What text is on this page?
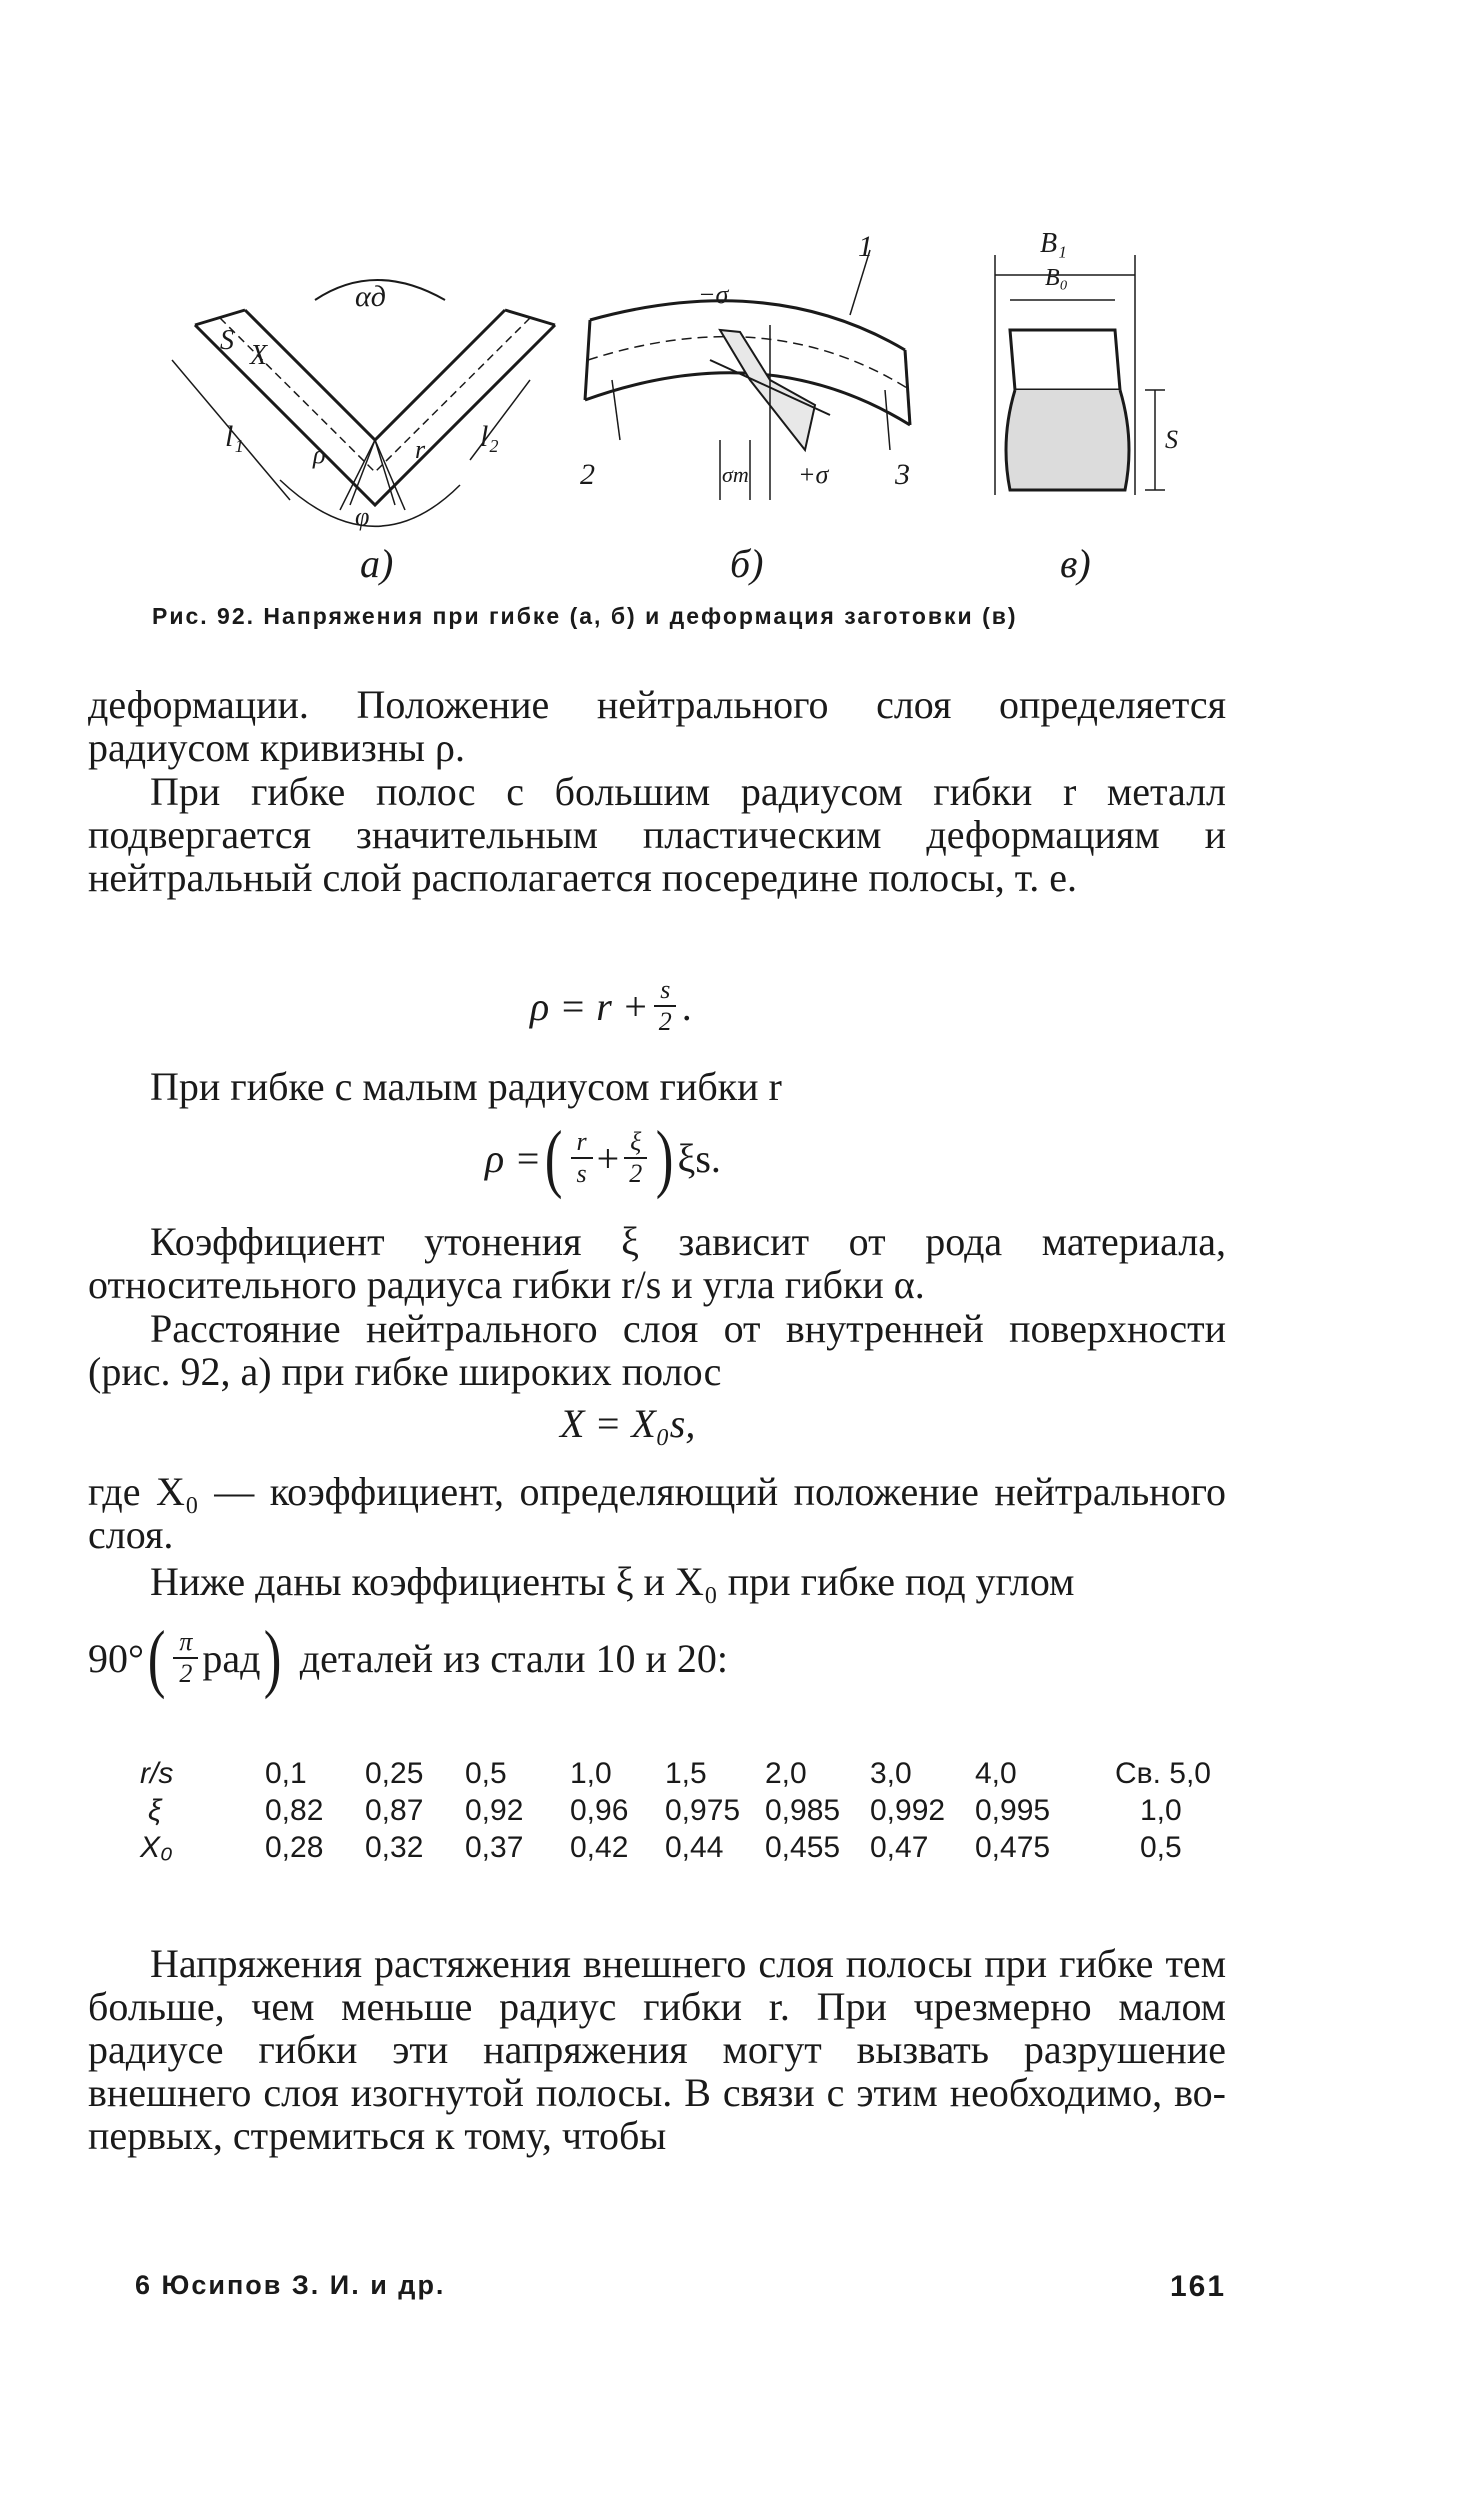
αд
S X
l₁	l₂
ρ	r
φ
−σ
+σ
σт
1
2	3
B₁
B₀
S
а)	б)	в)
Рис. 92. Напряжения при гибке (а, б) и деформация заготовки (в)

деформации. Положение нейтрального слоя определяется радиусом кривизны ρ.

При гибке полос с большим радиусом гибки r металл подвергается значительным пластическим деформациям и нейтральный слой располагается посередине полосы, т. е.

$\rho = r + \frac{s}{2}$ .

При гибке с малым радиусом гибки r

ρ = ( $\frac{r}{s} + \frac{\xi}{2}$ ) ξs.

Коэффициент утонения ξ зависит от рода материала, относительного радиуса гибки r/s и угла гибки α.

Расстояние нейтрального слоя от внутренней поверхности (рис. 92, а) при гибке широких полос

X = X₀s,

где X₀ — коэффициент, определяющий положение нейтрального слоя.

Ниже даны коэффициенты ξ и X₀ при гибке под углом

90° ( $\frac{\pi}{2}$ рад ) деталей из стали 10 и 20:
r/s	0,1 0,25 0,5 1,0 1,5 2,0 3,0 4,0	Св. 5,0
ξ	0,82 0,87 0,92 0,96 0,975 0,985 0,992 0,995	1,0
X₀	0,28 0,32 0,37 0,42 0,44 0,455 0,47 0,475	0,5

Напряжения растяжения внешнего слоя полосы при гибке тем больше, чем меньше радиус гибки r. При чрезмерно малом радиусе гибки эти напряжения могут вызвать разрушение внешнего слоя изогнутой полосы. В связи с этим необходимо, во-первых, стремиться к тому, чтобы

6 Юсипов З. И. и др.	161
